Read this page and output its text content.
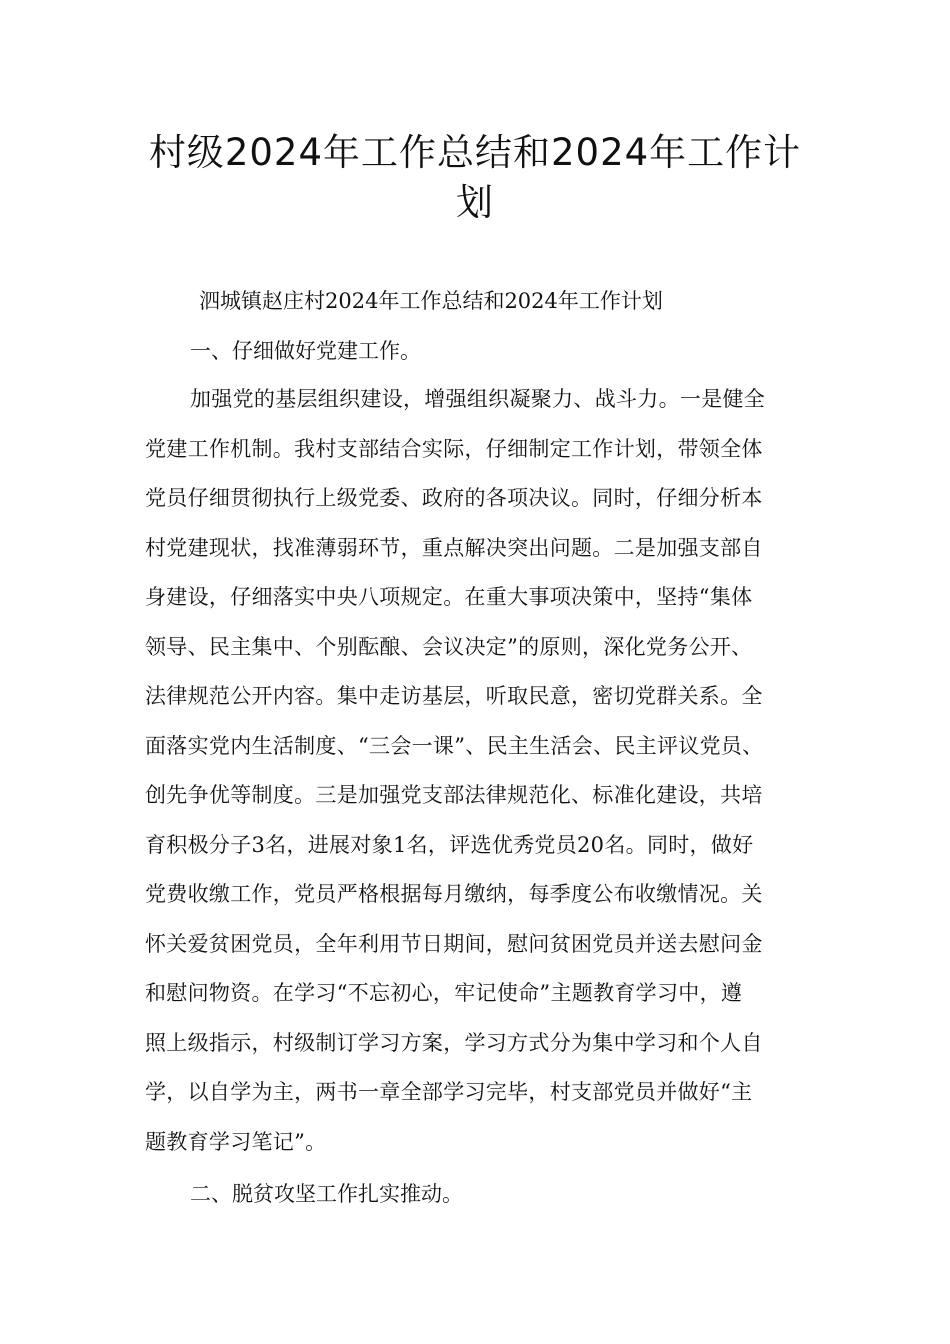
村级2024年工作总结和2024年工作计
划

泗城镇赵庄村2024年工作总结和2024年工作计划

一、仔细做好党建工作。

加强党的基层组织建设，增强组织凝聚力、战斗力。一是健全
党建工作机制。我村支部结合实际，仔细制定工作计划，带领全体
党员仔细贯彻执行上级党委、政府的各项决议。同时，仔细分析本
村党建现状，找准薄弱环节，重点解决突出问题。二是加强支部自
身建设，仔细落实中央八项规定。在重大事项决策中，坚持“集体
领导、民主集中、个别酝酿、会议决定”的原则，深化党务公开、
法律规范公开内容。集中走访基层，听取民意，密切党群关系。全
面落实党内生活制度、“三会一课”、民主生活会、民主评议党员、
创先争优等制度。三是加强党支部法律规范化、标准化建设，共培
育积极分子3名，进展对象1名，评选优秀党员20名。同时，做好
党费收缴工作，党员严格根据每月缴纳，每季度公布收缴情况。关
怀关爱贫困党员，全年利用节日期间，慰问贫困党员并送去慰问金
和慰问物资。在学习“不忘初心，牢记使命”主题教育学习中，遵
照上级指示，村级制订学习方案，学习方式分为集中学习和个人自
学，以自学为主，两书一章全部学习完毕，村支部党员并做好“主
题教育学习笔记”。

二、脱贫攻坚工作扎实推动。
